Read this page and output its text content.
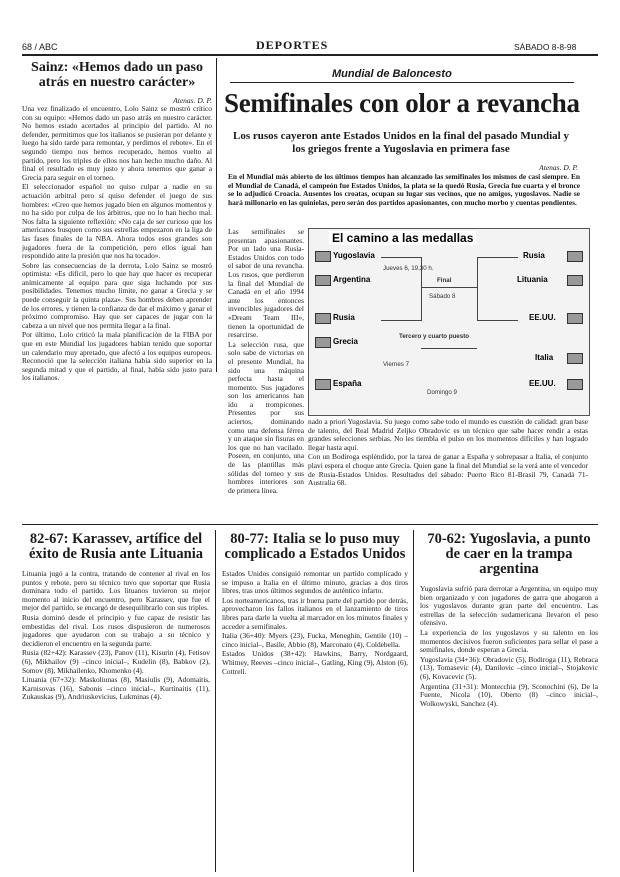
68 / ABC	DEPORTES	SÁBADO 8-8-98

Sainz: «Hemos dado un paso atrás en nuestro carácter»

Atenas. D. P.

Una vez finalizado el encuentro, Lolo Sainz se mostró crítico con su equipo: «Hemos dado un paso atrás en nuestro carácter. No hemos estado acertados al principio del partido. Al no defender, permitimos que los italianos se pusieran por delante y luego ha sido tarde para remontar, y perdimos el rebote». En el segundo tiempo nos hemos recuperado, hemos vuelto al partido, pero los triples de ellos nos han hecho mucho daño. Al final el resultado es muy justo y ahora tenemos que ganar a Grecia para seguir en el torneo.

El seleccionador español no quiso culpar a nadie en su actuación arbitral pero sí quiso defender el juego de sus hombres: «Creo que hemos jugado bien en algunos momentos y no ha sido por culpa de los árbitros, que no lo han hecho mal. Nos falta la siguiente reflexión: «No caja de ser curioso que los americanos busquen como sus estrellas empezaron en la liga de las fases finales de la NBA. Ahora todos esos grandes son jugadores fuera de la competición, pero ellos igual han respondido ante la presión que nos ha tocado».

Sobre las consecuencias de la derrota, Lolo Sainz se mostró optimista: «Es difícil, pero lo que hay que hacer es recuperar anímicamente al equipo para que siga luchando por sus posibilidades. Tenemos mucho límite, no ganar a Grecia y se puede conseguir la quinta plaza». Sus hombres deben aprender de los errores, y tienen la confianza de dar el máximo y ganar el próximo compromiso. Hay que ser capaces de jugar con la cabeza a un nivel que nos permita llegar a la final.

Por último, Lolo criticó la mala planificación de la FIBA por que en este Mundial los jugadores habían tenido que soportar un calendario muy apretado, que afectó a los equipos europeos. Reconoció que la selección italiana había sido superior en la segunda mitad y que el partido, al final, había sido justo para los italianos.

Mundial de Baloncesto
Semifinales con olor a revancha
Los rusos cayeron ante Estados Unidos en la final del pasado Mundial y los griegos frente a Yugoslavia en primera fase
Atenas. D. P.

En el Mundial más abierto de los últimos tiempos han alcanzado las semifinales los mismos de casi siempre. En el Mundial de Canadá, el campeón fue Estados Unidos, la plata se la quedó Rusia, Grecia fue cuarta y el bronce se lo adjudicó Croacia. Ausentes los croatas, ocupan su lugar sus vecinos, que no amigos, yugoslavos. Nadie se hará millonario en las quinielas, pero serán dos partidos apasionantes, con mucho morbo y cuentas pendientes.

Las semifinales se presentan apasionantes. Por un lado una Rusia-Estados Unidos con todo el sabor de una revancha. Los rusos, que perdieron la final del Mundial de Canadá en el año 1994 ante los entonces invencibles jugadores del «Dream Team III», tienen la oportunidad de resarcirse.

La selección rusa, que solo sabe de victorias en el presente Mundial, ha sido una máquina perfecta hasta el momento. Sus jugadores son los americanos han ido a trompicones. Presentes por sus aciertos, dominando como una defensa férrea y un ataque sin fisuras en los que no han vacilado. Poseen, en conjunto, una de las plantillas más sólidas del torneo y sus hombres interiores son de primera línea.

El camino a las medallas
Yugoslavia
Argentina
Rusia
Grecia
España
Rusia
Lituania
EE.UU.
Italia
EE.UU.
Jueves 6, 19,30 h.
Viernes 7
Sábado 8
Domingo 9
Tercero y cuarto puesto
Final

nado a priori Yugoslavia. Su juego como sabe todo el mundo es cuestión de calidad: gran base de talento, del Real Madrid Zeljko Obradovic es un técnico que sabe hacer rendir a estas grandes selecciones serbias. No les tiembla el pulso en los momentos difíciles y han logrado llegar hasta aquí.

Con un Bodiroga espléndido, por la tarea de ganar a España y sobrepasar a Italia, el conjunto plavi espera el choque ante Grecia. Quien gane la final del Mundial se la verá ante el vencedor de Rusia-Estados Unidos. Resultados del sábado: Puerto Rico 81-Brasil 79, Canadá 71-Australia 68.

82-67: Karassev, artífice del éxito de Rusia ante Lituania

Lituania jugó a la contra, tratando de contener al rival en los puntos y rebote, pero su técnico tuvo que soportar que Rusia dominara todo el partido. Los lituanos tuvieron su mejor momento al inicio del encuentro, pero Karassev, que fue el mejor del partido, se encargó de desequilibrarlo con sus triples.

Rusia dominó desde el principio y fue capaz de resistir las embestidas del rival. Los rusos dispusieron de numerosos jugadores que ayudaron con su trabajo a su técnico y decidieron el encuentro en la segunda parte.

Rusia (82+42): Karassev (23), Panov (11), Kisurin (4), Fetisov (6), Mikhailov (9) –cinco inicial–, Kudelin (8), Babkov (2), Somov (8), Mikhailenko, Khomenko (4).

Lituania (67+32): Maskoliunas (8), Masiulis (9), Adomaitis, Karnisovas (16), Sabonis –cinco inicial–, Kurtinaitis (11), Zukauskas (9), Andriuskevicius, Lukminas (4).

80-77: Italia se lo puso muy complicado a Estados Unidos

Estados Unidos consiguió remontar un partido complicado y se impuso a Italia en el último minuto, gracias a dos tiros libres, tras unos últimos segundos de auténtico infarto.

Los norteamericanos, tras ir buena parte del partido por detrás, aprovecharon los fallos italianos en el lanzamiento de tiros libres para darle la vuelta al marcador en los minutos finales y acceder a semifinales.

Italia (36+40): Myers (23), Fucka, Meneghin, Gentile (10) –cinco inicial–, Basile, Abbio (8), Marconato (4), Coldebella.

Estados Unidos (38+42): Hawkins, Barry, Nordgaard, Whitney, Reeves –cinco inicial–, Gatling, King (9), Alston (6), Cottrell.

70-62: Yugoslavia, a punto de caer en la trampa argentina

Yugoslavia sufrió para derrotar a Argentina, un equipo muy bien organizado y con jugadores de garra que ahogaron a los yugoslavos durante gran parte del encuentro. Las estrellas de la selección sudamericana llevaron el peso ofensivo.

La experiencia de los yugoslavos y su talento en los momentos decisivos fueron suficientes para sellar el pase a semifinales, donde esperan a Grecia.

Yugoslavia (34+36): Obradovic (5), Bodiroga (11), Rebraca (13), Tomasevic (4), Danilovic –cinco inicial–, Stojakovic (6), Kovacevic (5).

Argentina (31+31): Montecchia (9), Sconochini (6), De la Fuente, Nicola (10), Oberto (8) –cinco inicial–, Wolkowyski, Sanchez (4).
